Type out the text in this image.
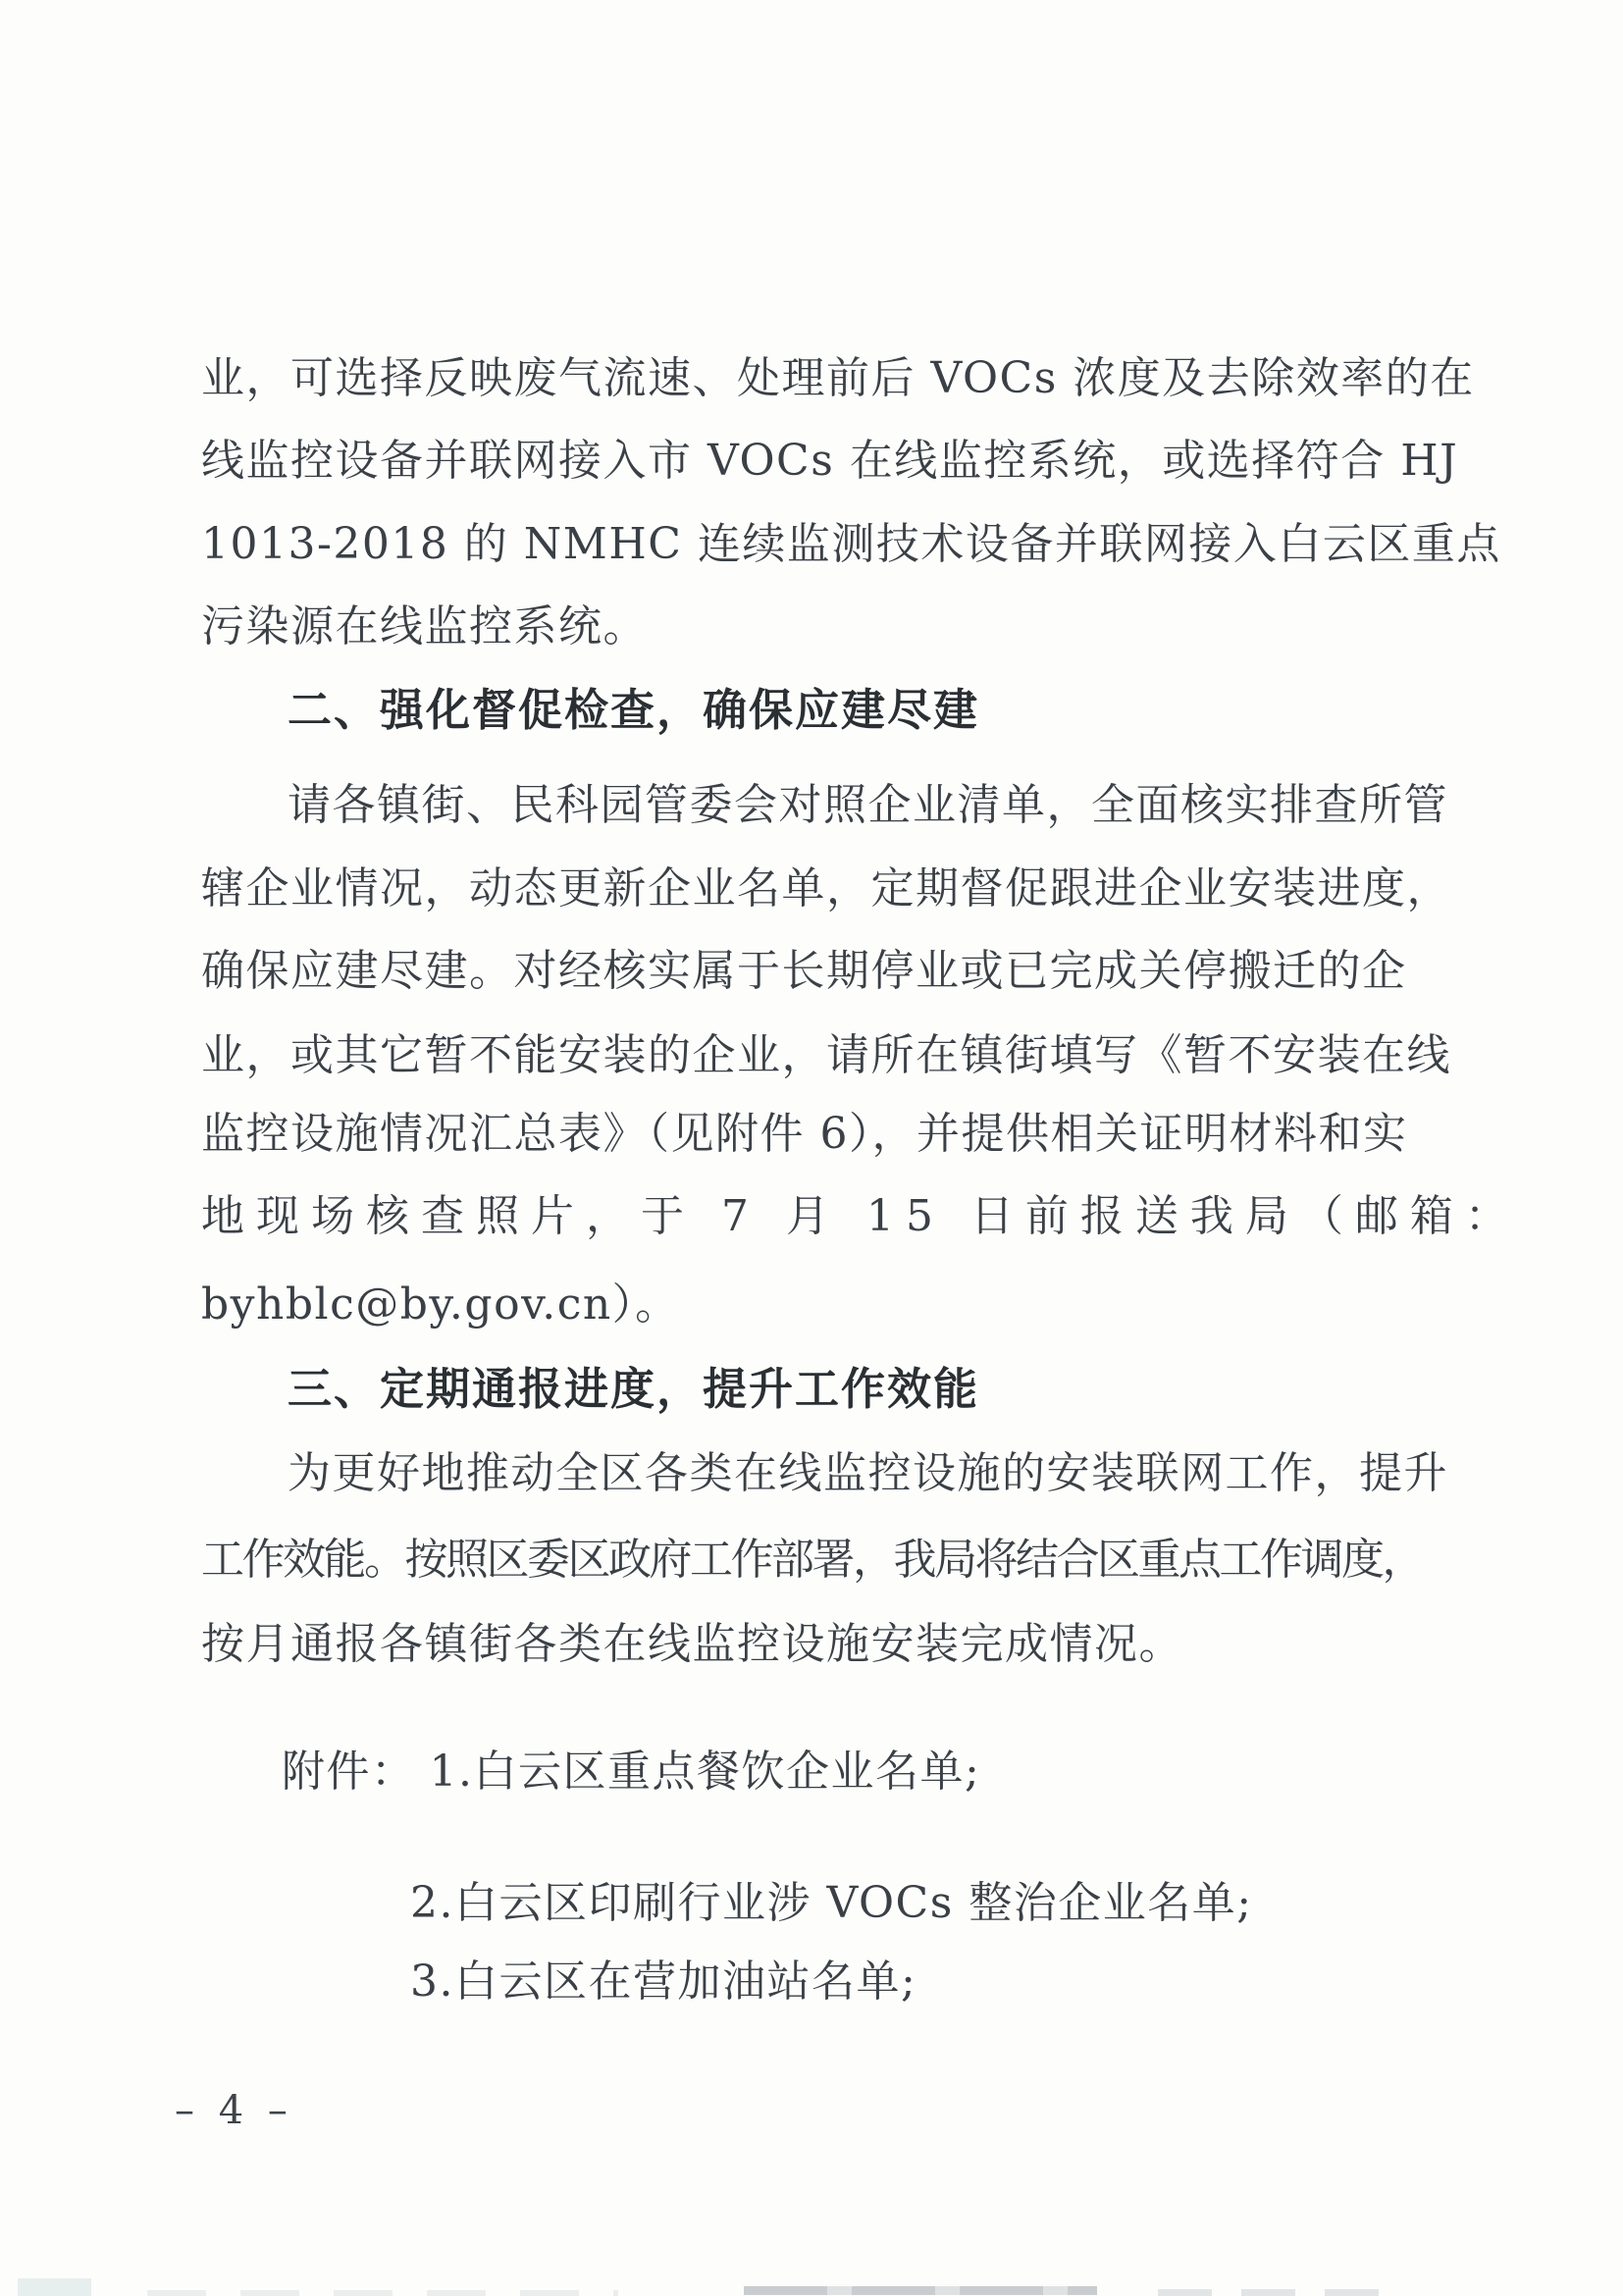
业，可选择反映废气流速、处理前后 VOCs 浓度及去除效率的在

线监控设备并联网接入市 VOCs 在线监控系统，或选择符合 HJ

1013-2018 的 NMHC 连续监测技术设备并联网接入白云区重点

污染源在线监控系统。

二、强化督促检查，确保应建尽建

请各镇街、民科园管委会对照企业清单，全面核实排查所管

辖企业情况，动态更新企业名单，定期督促跟进企业安装进度，

确保应建尽建。对经核实属于长期停业或已完成关停搬迁的企

业，或其它暂不能安装的企业，请所在镇街填写《暂不安装在线

监控设施情况汇总表》（见附件 6），并提供相关证明材料和实

地现场核查照片，于 7 月 15 日前报送我局（邮箱：

byhblc@by.gov.cn）。

三、定期通报进度，提升工作效能

为更好地推动全区各类在线监控设施的安装联网工作，提升

工作效能。按照区委区政府工作部署，我局将结合区重点工作调度，

按月通报各镇街各类在线监控设施安装完成情况。

附件： 1.白云区重点餐饮企业名单;

2.白云区印刷行业涉 VOCs 整治企业名单;

3.白云区在营加油站名单;

– 4 –
